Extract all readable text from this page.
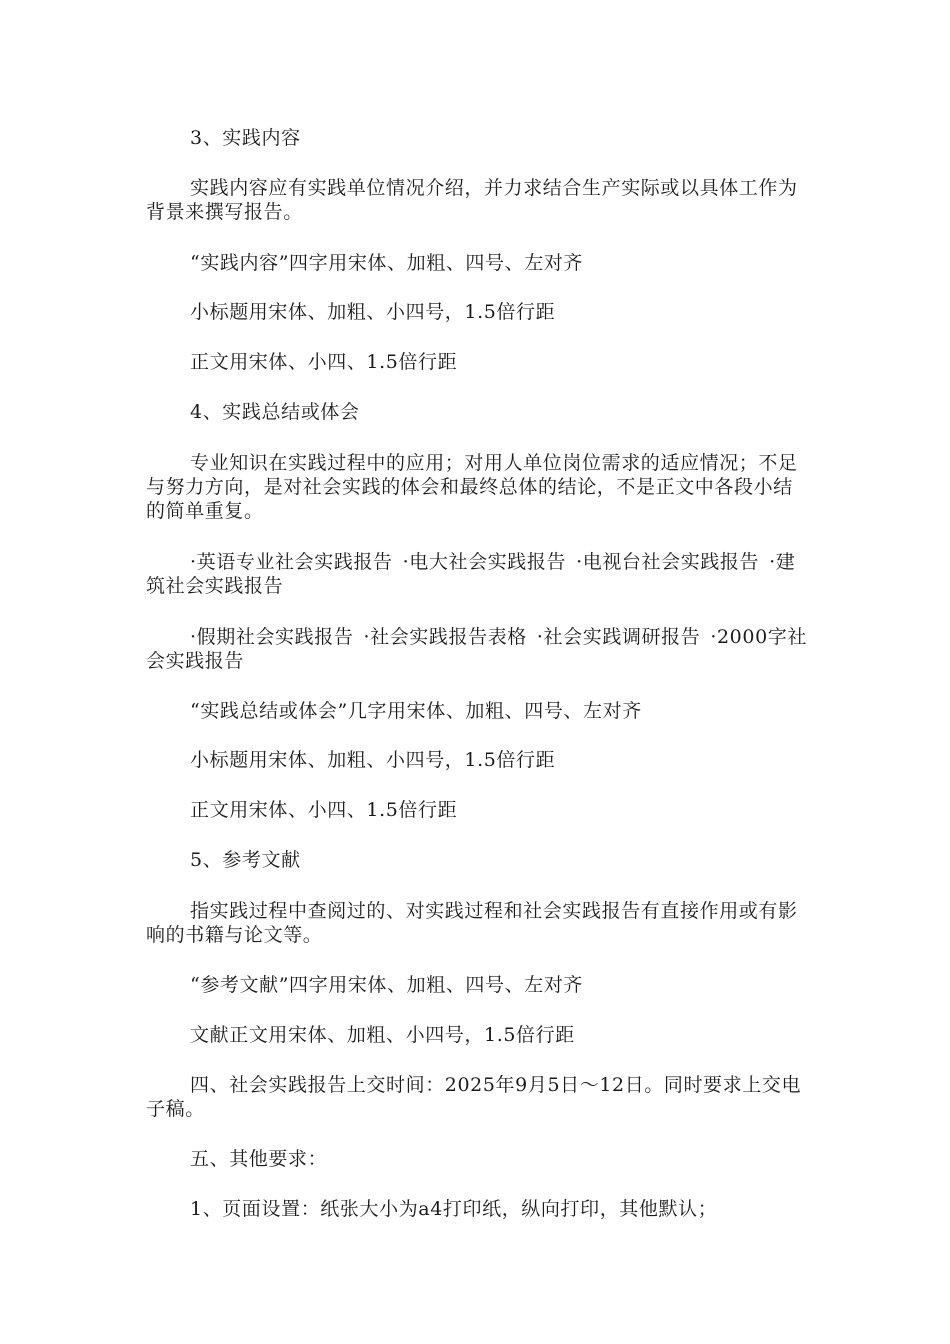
3、实践内容

实践内容应有实践单位情况介绍，并力求结合生产实际或以具体工作为背景来撰写报告。

“实践内容”四字用宋体、加粗、四号、左对齐

小标题用宋体、加粗、小四号，1.5倍行距

正文用宋体、小四、1.5倍行距

4、实践总结或体会

专业知识在实践过程中的应用；对用人单位岗位需求的适应情况；不足与努力方向，是对社会实践的体会和最终总体的结论，不是正文中各段小结的简单重复。

·英语专业社会实践报告 ·电大社会实践报告 ·电视台社会实践报告 ·建筑社会实践报告

·假期社会实践报告 ·社会实践报告表格 ·社会实践调研报告 ·2000字社会实践报告

“实践总结或体会”几字用宋体、加粗、四号、左对齐

小标题用宋体、加粗、小四号，1.5倍行距

正文用宋体、小四、1.5倍行距

5、参考文献

指实践过程中查阅过的、对实践过程和社会实践报告有直接作用或有影响的书籍与论文等。

“参考文献”四字用宋体、加粗、四号、左对齐

文献正文用宋体、加粗、小四号，1.5倍行距

四、社会实践报告上交时间：2025年9月5日～12日。同时要求上交电子稿。

五、其他要求：

1、页面设置：纸张大小为a4打印纸，纵向打印，其他默认；
